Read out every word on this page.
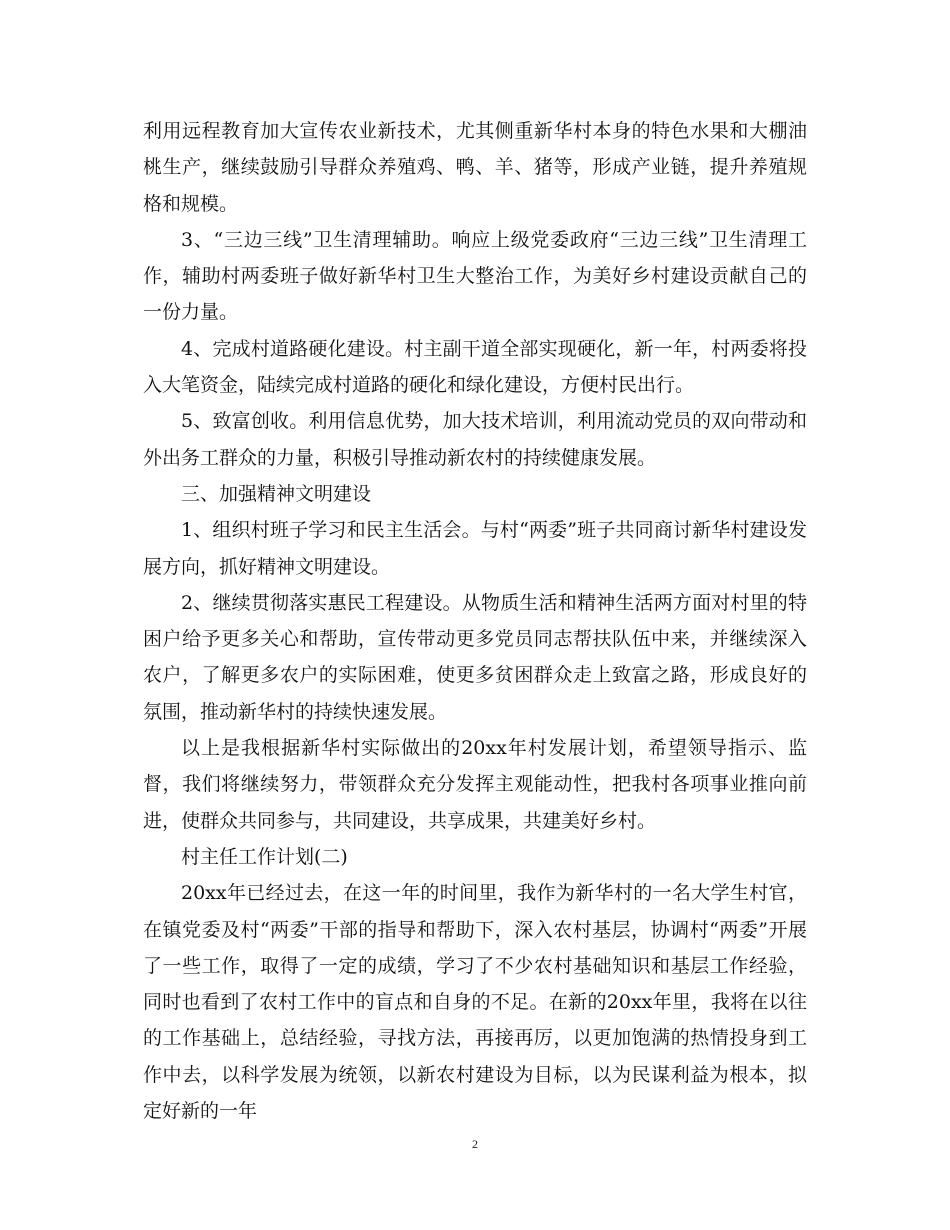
利用远程教育加大宣传农业新技术，尤其侧重新华村本身的特色水果和大棚油桃生产，继续鼓励引导群众养殖鸡、鸭、羊、猪等，形成产业链，提升养殖规格和规模。

3、“三边三线”卫生清理辅助。响应上级党委政府“三边三线”卫生清理工作，辅助村两委班子做好新华村卫生大整治工作，为美好乡村建设贡献自己的一份力量。

4、完成村道路硬化建设。村主副干道全部实现硬化，新一年，村两委将投入大笔资金，陆续完成村道路的硬化和绿化建设，方便村民出行。

5、致富创收。利用信息优势，加大技术培训，利用流动党员的双向带动和外出务工群众的力量，积极引导推动新农村的持续健康发展。

三、加强精神文明建设

1、组织村班子学习和民主生活会。与村“两委”班子共同商讨新华村建设发展方向，抓好精神文明建设。

2、继续贯彻落实惠民工程建设。从物质生活和精神生活两方面对村里的特困户给予更多关心和帮助，宣传带动更多党员同志帮扶队伍中来，并继续深入农户，了解更多农户的实际困难，使更多贫困群众走上致富之路，形成良好的氛围，推动新华村的持续快速发展。

以上是我根据新华村实际做出的20xx年村发展计划，希望领导指示、监督，我们将继续努力，带领群众充分发挥主观能动性，把我村各项事业推向前进，使群众共同参与，共同建设，共享成果，共建美好乡村。

村主任工作计划(二)

20xx年已经过去，在这一年的时间里，我作为新华村的一名大学生村官，在镇党委及村“两委”干部的指导和帮助下，深入农村基层，协调村“两委”开展了一些工作，取得了一定的成绩，学习了不少农村基础知识和基层工作经验，同时也看到了农村工作中的盲点和自身的不足。在新的20xx年里，我将在以往的工作基础上，总结经验，寻找方法，再接再厉，以更加饱满的热情投身到工作中去，以科学发展为统领，以新农村建设为目标，以为民谋利益为根本，拟定好新的一年

2
